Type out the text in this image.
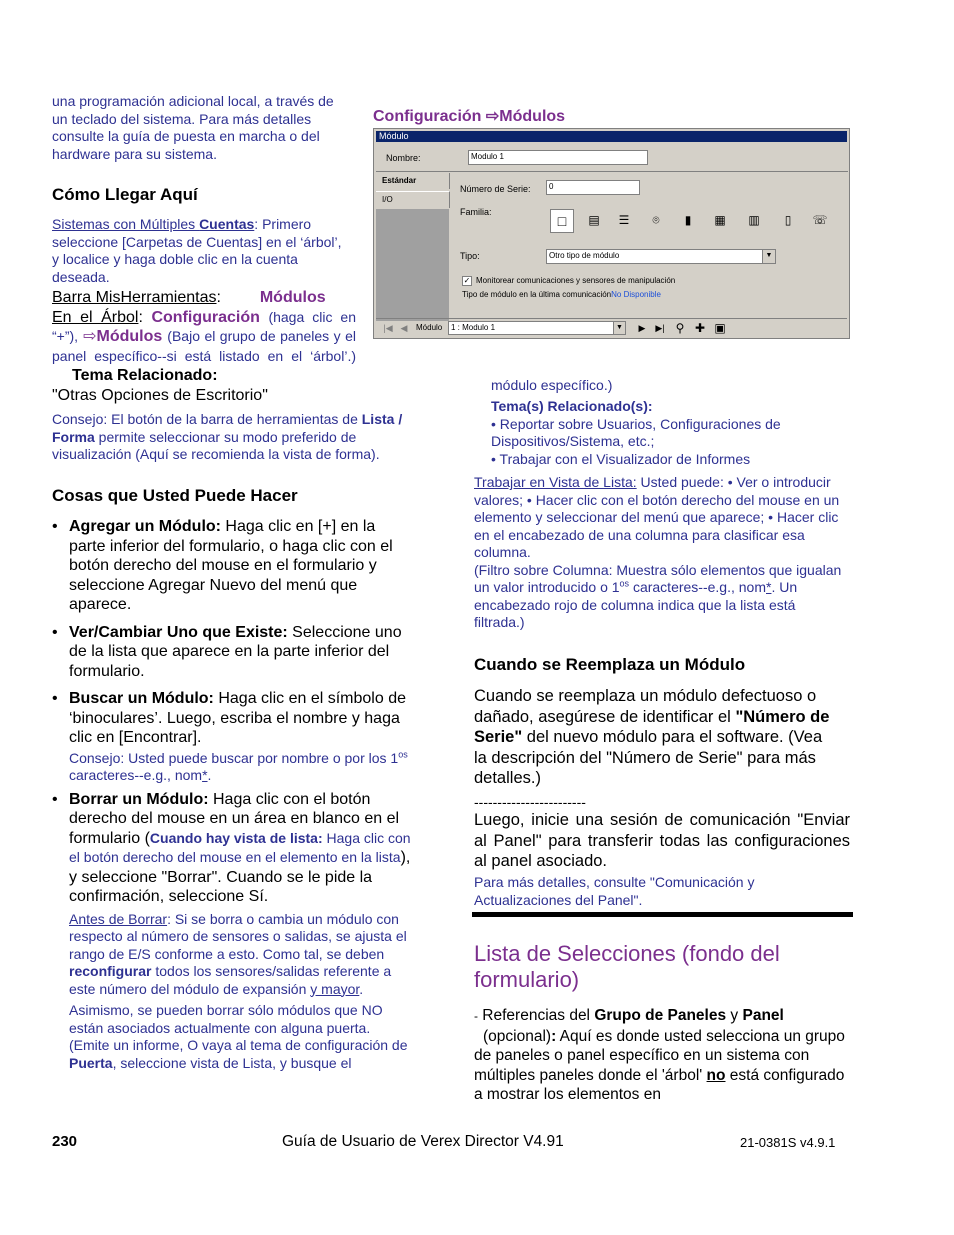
una programación adicional local, a través de un teclado del sistema. Para más detalles consulte la guía de puesta en marcha o del hardware para su sistema.
Cómo Llegar Aquí
Sistemas con Múltiples Cuentas: Primero seleccione [Carpetas de Cuentas] en el ‘árbol’, y localice y haga doble clic en la cuenta deseada.
Barra MisHerramientas: Módulos
En el Árbol: Configuración (haga clic en “+”), ⇨Módulos (Bajo el grupo de paneles y el panel específico--si está listado en el ‘árbol’.) Tema Relacionado:
"Otras Opciones de Escritorio"
Consejo: El botón de la barra de herramientas de Lista / Forma permite seleccionar su modo preferido de visualización (Aquí se recomienda la vista de forma).
Cosas que Usted Puede Hacer
• Agregar un Módulo: Haga clic en [+] en la parte inferior del formulario, o haga clic con el botón derecho del mouse en el formulario y seleccione Agregar Nuevo del menú que aparece.
• Ver/Cambiar Uno que Existe: Seleccione uno de la lista que aparece en la parte inferior del formulario.
• Buscar un Módulo: Haga clic en el símbolo de ‘binoculares’. Luego, escriba el nombre y haga clic en [Encontrar].
Consejo: Usted puede buscar por nombre o por los $1^{os}$ caracteres--e.g., nom*.
• Borrar un Módulo: Haga clic con el botón derecho del mouse en un área en blanco en el formulario (Cuando hay vista de lista: Haga clic con el botón derecho del mouse en el elemento en la lista), y seleccione "Borrar". Cuando se le pide la confirmación, seleccione Sí.
Antes de Borrar: Si se borra o cambia un módulo con respecto al número de sensores o salidas, se ajusta el rango de E/S conforme a esto. Como tal, se deben reconfigurar todos los sensores/salidas referente a este número del módulo de expansión y mayor.
Asimismo, se pueden borrar sólo módulos que NO están asociados actualmente con alguna puerta. (Emite un informe, O vaya al tema de configuración de Puerta, seleccione vista de Lista, y busque el
Configuración ⇨Módulos
Módulo
Nombre:	Modulo 1
Estándar
I/O
Número de Serie:	0
Familia:
□	▤ ☰	⌾	▮	▦ ▥	▯	☏
Tipo:	Otro tipo de módulo	▼
✓ Monitorear comunicaciones y sensores de manipulación
Tipo de módulo en la última comunicaciónNo Disponible
|◀ ◀	Módulo	1 : Modulo 1	▼	▶	▶| ⚲ ✚ ▣
módulo específico.)
Tema(s) Relacionado(s):
• Reportar sobre Usuarios, Configuraciones de Dispositivos/Sistema, etc.;
• Trabajar con el Visualizador de Informes
Trabajar en Vista de Lista: Usted puede: • Ver o introducir valores; • Hacer clic con el botón derecho del mouse en un elemento y seleccionar del menú que aparece; • Hacer clic en el encabezado de una columna para clasificar esa columna.
(Filtro sobre Columna: Muestra sólo elementos que igualan un valor introducido o $1^{os}$ caracteres--e.g., nom*. Un encabezado rojo de columna indica que la lista está filtrada.)
Cuando se Reemplaza un Módulo
Cuando se reemplaza un módulo defectuoso o dañado, asegúrese de identificar el "Número de Serie" del nuevo módulo para el software. (Vea la descripción del "Número de Serie" para más detalles.)
------------------------
Luego, inicie una sesión de comunicación "Enviar al Panel" para transferir todas las configuraciones al panel asociado.
Para más detalles, consulte "Comunicación y Actualizaciones del Panel".
Lista de Selecciones (fondo del formulario)
- Referencias del Grupo de Paneles y Panel
(opcional): Aquí es donde usted selecciona un grupo de paneles o panel específico en un sistema con múltiples paneles donde el 'árbol' no está configurado a mostrar los elementos en
230	Guía de Usuario de Verex Director V4.91	21-0381S v4.9.1
